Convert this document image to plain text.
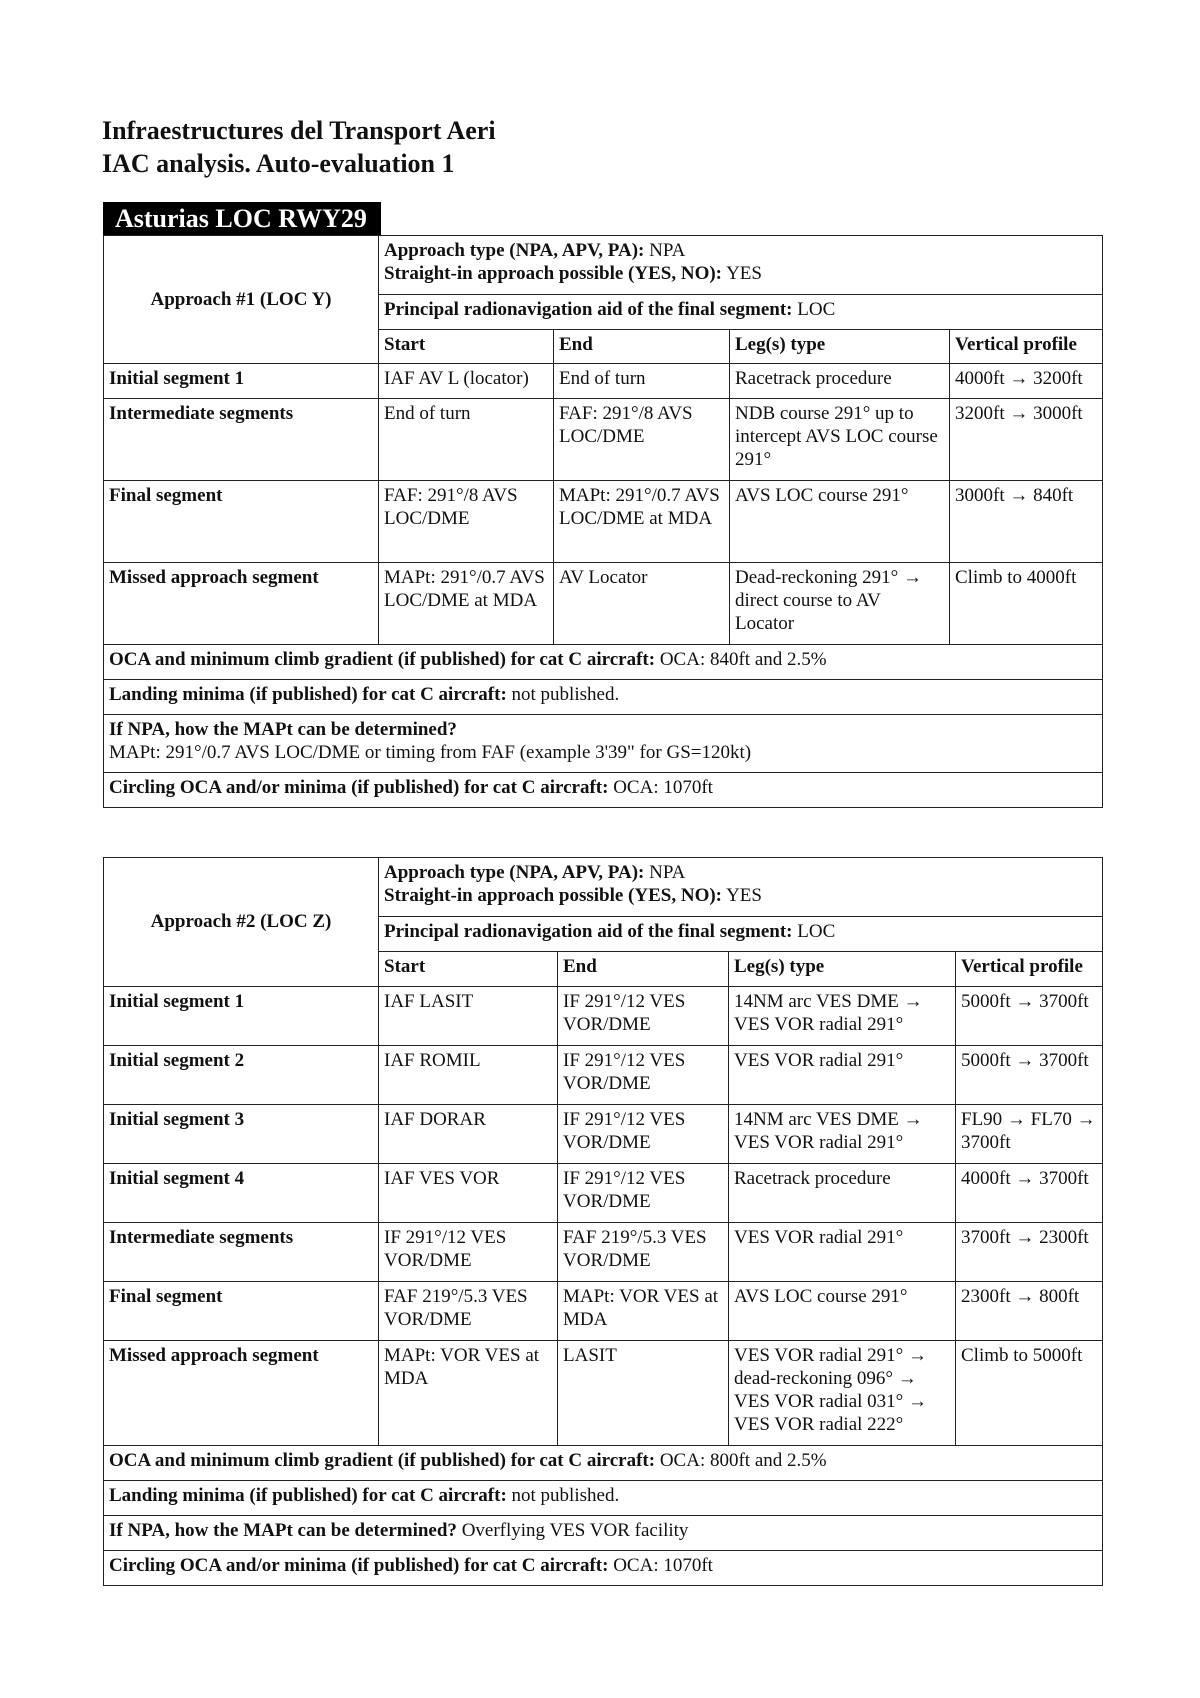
Infraestructures del Transport Aeri
IAC analysis. Auto-evaluation 1
Asturias LOC RWY29
Approach #1 (LOC Y)	Approach type (NPA, APV, PA): NPA
Straight-in approach possible (YES, NO): YES			
	Principal radionavigation aid of the final segment: LOC			
	Start	End	Leg(s) type	Vertical profile
Initial segment 1	IAF AV L (locator)	End of turn	Racetrack procedure	4000ft → 3200ft
Intermediate segments	End of turn	FAF: 291°/8 AVS LOC/DME	NDB course 291° up to intercept AVS LOC course 291°	3200ft → 3000ft
Final segment	FAF: 291°/8 AVS LOC/DME	MAPt: 291°/0.7 AVS LOC/DME at MDA	AVS LOC course 291°	3000ft → 840ft
Missed approach segment	MAPt: 291°/0.7 AVS LOC/DME at MDA	AV Locator	Dead-reckoning 291° → direct course to AV Locator	Climb to 4000ft
OCA and minimum climb gradient (if published) for cat C aircraft: OCA: 840ft and 2.5%				
Landing minima (if published) for cat C aircraft: not published.				
If NPA, how the MAPt can be determined?
MAPt: 291°/0.7 AVS LOC/DME or timing from FAF (example 3'39" for GS=120kt)				
Circling OCA and/or minima (if published) for cat C aircraft: OCA: 1070ft				
Approach #2 (LOC Z)	Approach type (NPA, APV, PA): NPA
Straight-in approach possible (YES, NO): YES			
	Principal radionavigation aid of the final segment: LOC			
	Start	End	Leg(s) type	Vertical profile
Initial segment 1	IAF LASIT	IF 291°/12 VES VOR/DME	14NM arc VES DME → VES VOR radial 291°	5000ft → 3700ft
Initial segment 2	IAF ROMIL	IF 291°/12 VES VOR/DME	VES VOR radial 291°	5000ft → 3700ft
Initial segment 3	IAF DORAR	IF 291°/12 VES VOR/DME	14NM arc VES DME → VES VOR radial 291°	FL90 → FL70 → 3700ft
Initial segment 4	IAF VES VOR	IF 291°/12 VES VOR/DME	Racetrack procedure	4000ft → 3700ft
Intermediate segments	IF 291°/12 VES VOR/DME	FAF 219°/5.3 VES VOR/DME	VES VOR radial 291°	3700ft → 2300ft
Final segment	FAF 219°/5.3 VES VOR/DME	MAPt: VOR VES at MDA	AVS LOC course 291°	2300ft → 800ft
Missed approach segment	MAPt: VOR VES at MDA	LASIT	VES VOR radial 291° → dead-reckoning 096° → VES VOR radial 031° → VES VOR radial 222°	Climb to 5000ft
OCA and minimum climb gradient (if published) for cat C aircraft: OCA: 800ft and 2.5%				
Landing minima (if published) for cat C aircraft: not published.				
If NPA, how the MAPt can be determined? Overflying VES VOR facility				
Circling OCA and/or minima (if published) for cat C aircraft: OCA: 1070ft				
